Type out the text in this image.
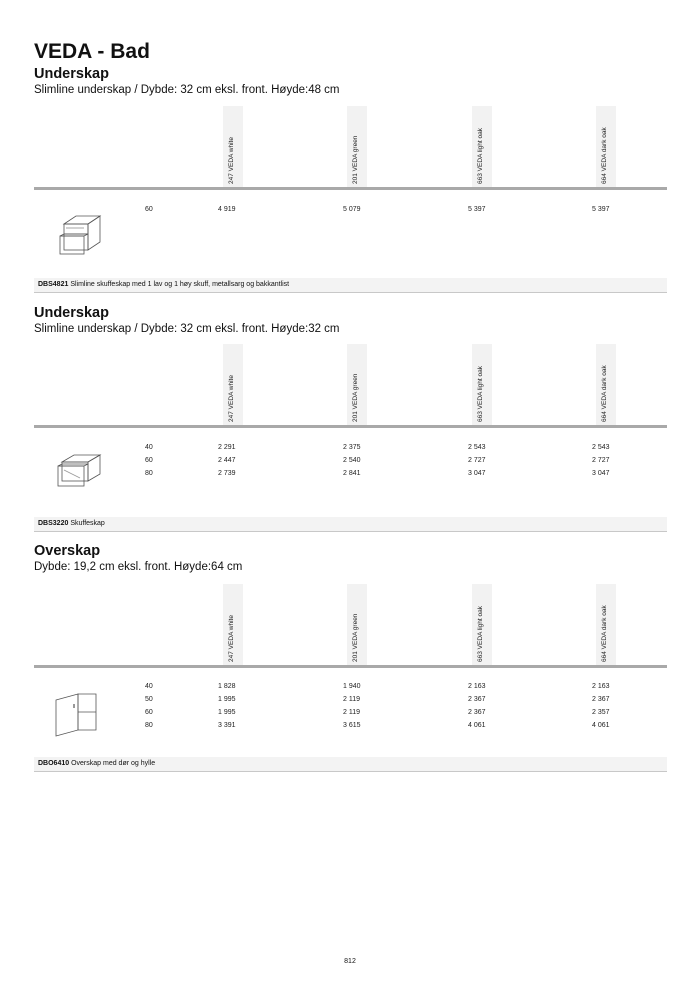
VEDA - Bad
Underskap
Slimline underskap / Dybde: 32 cm eksl. front. Høyde:48 cm
247 VEDA white	201 VEDA green	663 VEDA light oak	664 VEDA dark oak
60	4 919	5 079	5 397	5 397
DBS4821 Slimline skuffeskap med 1 lav og 1 høy skuff, metallsarg og bakkantlist
Underskap
Slimline underskap / Dybde: 32 cm eksl. front. Høyde:32 cm
247 VEDA white	201 VEDA green	663 VEDA light oak	664 VEDA dark oak
40	2 291	2 375	2 543	2 543
60	2 447	2 540	2 727	2 727
80	2 739	2 841	3 047	3 047
DBS3220 Skuffeskap
Overskap
Dybde: 19,2 cm eksl. front. Høyde:64 cm
247 VEDA white	201 VEDA green	663 VEDA light oak	664 VEDA dark oak
40	1 828	1 940	2 163	2 163
50	1 995	2 119	2 367	2 367
60	1 995	2 119	2 367	2 357
80	3 391	3 615	4 061	4 061
DBO6410 Overskap med dør og hylle
812
